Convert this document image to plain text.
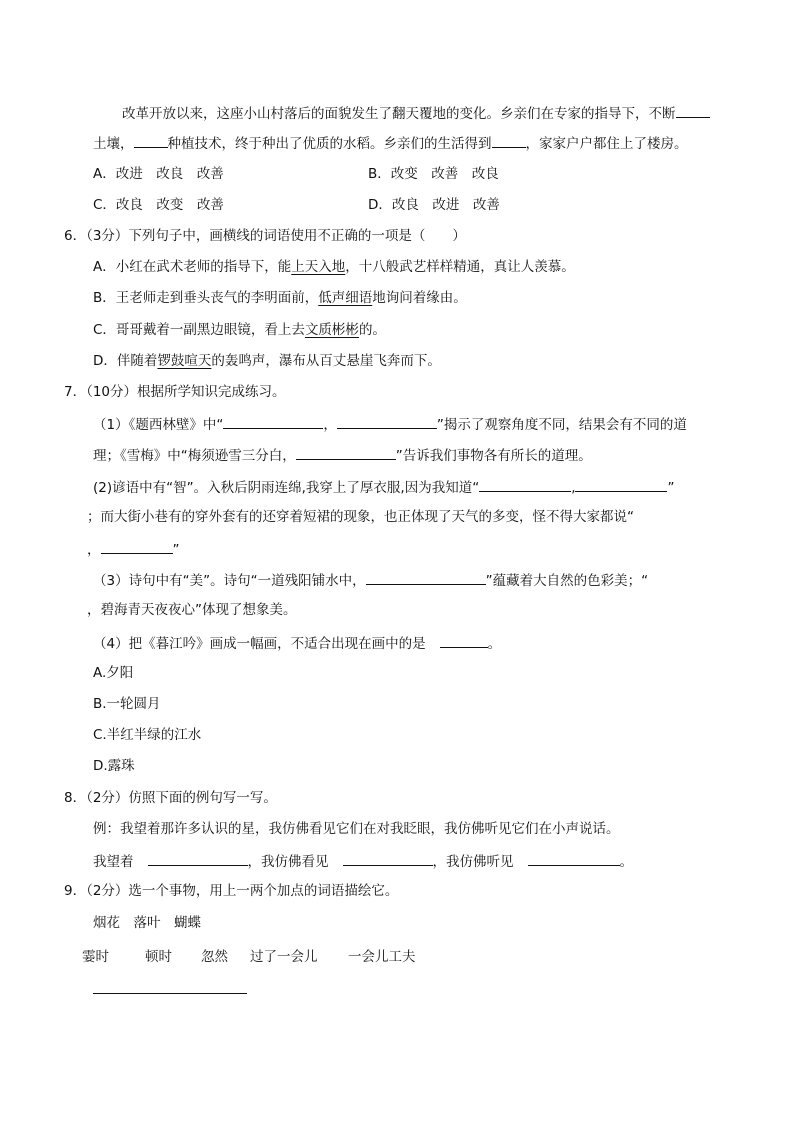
改革开放以来，这座小山村落后的面貌发生了翻天覆地的变化。乡亲们在专家的指导下，不断
土壤，	种植技术，终于种出了优质的水稻。乡亲们的生活得到	，家家户户都住上了楼房。
A．改进　改良　改善	B．改变　改善　改良
C．改良　改变　改善	D．改良　改进　改善
6．（3分）下列句子中，画横线的词语使用不正确的一项是（　　）
A．小红在武术老师的指导下，能上天入地，十八般武艺样样精通，真让人羡慕。
B．王老师走到垂头丧气的李明面前，低声细语地询问着缘由。
C．哥哥戴着一副黑边眼镜，看上去文质彬彬的。
D．伴随着锣鼓喧天的轰鸣声，瀑布从百丈悬崖飞奔而下。
7．（10分）根据所学知识完成练习。
（1）《题西林壁》中“	，	”揭示了观察角度不同，结果会有不同的道
理；《雪梅》中“梅须逊雪三分白，	”告诉我们事物各有所长的道理。
(2)谚语中有“智”。入秋后阴雨连绵,我穿上了厚衣服,因为我知道“	,	”
；而大街小巷有的穿外套有的还穿着短裙的现象，也正体现了天气的多变，怪不得大家都说“
，	”
（3）诗句中有“美”。诗句“一道残阳铺水中，	”蕴藏着大自然的色彩美；“
，碧海青天夜夜心”体现了想象美。
（4）把《暮江吟》画成一幅画，不适合出现在画中的是	。
A.夕阳
B.一轮圆月
C.半红半绿的江水
D.露珠
8．（2分）仿照下面的例句写一写。
例：我望着那许多认识的星，我仿佛看见它们在对我眨眼，我仿佛听见它们在小声说话。
我望着	，我仿佛看见	，我仿佛听见	。
9．（2分）选一个事物，用上一两个加点的词语描绘它。
烟花　落叶　蝴蝶
霎时	顿时 忽然 过了一会儿 一会儿工夫
